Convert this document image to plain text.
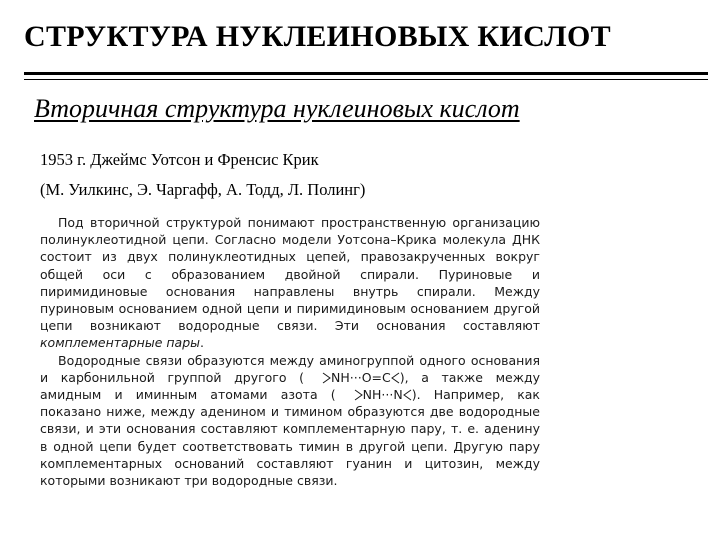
СТРУКТУРА НУКЛЕИНОВЫХ КИСЛОТ
Вторичная структура нуклеиновых кислот
1953 г. Джеймс Уотсон и Френсис Крик
(М. Уилкинс, Э. Чаргафф, А. Тодд, Л. Полинг)

Под вторичной структурой понимают пространственную организацию полинуклеотидной цепи. Согласно модели Уотсона–Крика молекула ДНК состоит из двух полинуклеотидных цепей, правозакрученных вокруг общей оси с образованием двойной спирали. Пуриновые и пиримидиновые основания направлены внутрь спирали. Между пуриновым основанием одной цепи и пиримидиновым основанием другой цепи возникают водородные связи. Эти основания составляют комплементарные пары.

Водородные связи образуются между аминогруппой одного основания и карбонильной группой другого ( NH···O=C ), а также между амидным и иминным атомами азота ( NH···N ). Например, как показано ниже, между аденином и тимином образуются две водородные связи, и эти основания составляют комплементарную пару, т. е. аденину в одной цепи будет соответствовать тимин в другой цепи. Другую пару комплементарных оснований составляют гуанин и цитозин, между которыми возникают три водородные связи.
